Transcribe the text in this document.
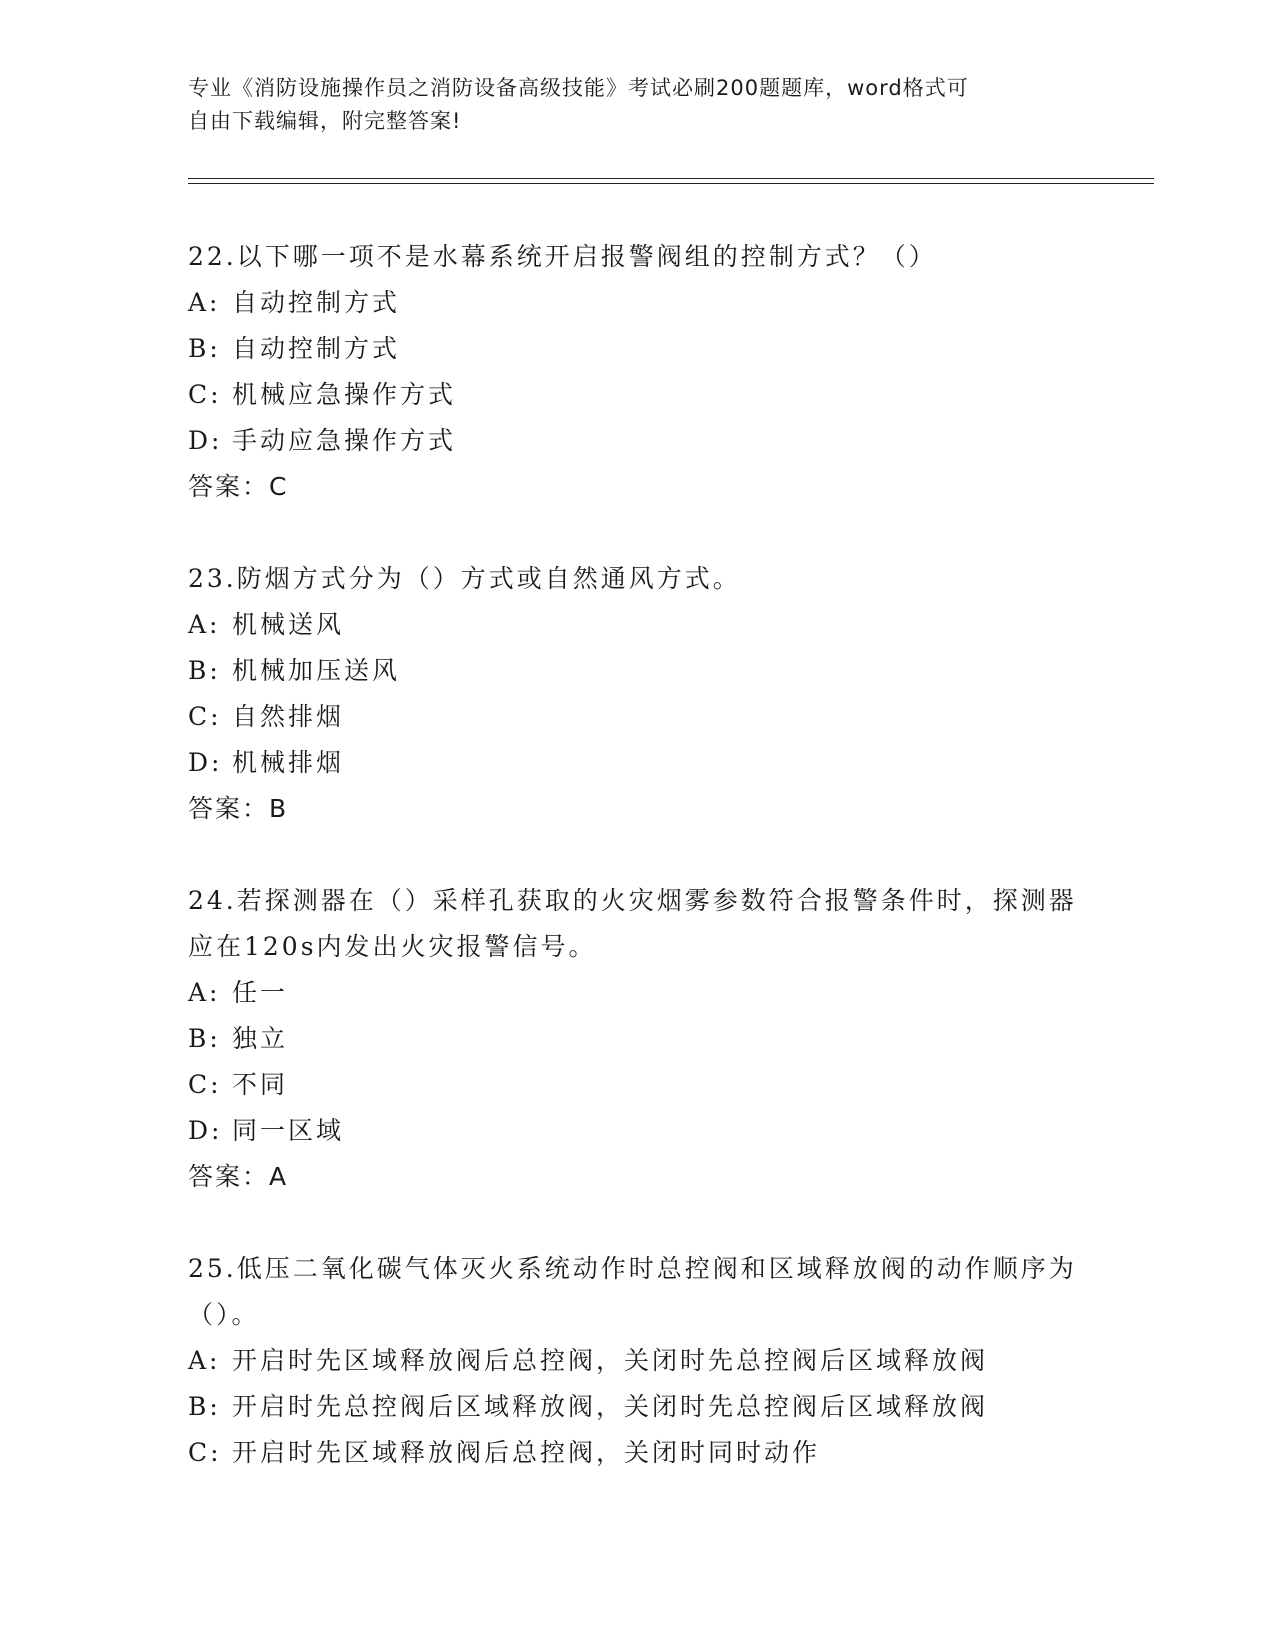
专业《消防设施操作员之消防设备高级技能》考试必刷200题题库，word格式可
自由下载编辑，附完整答案!
22.以下哪一项不是水幕系统开启报警阀组的控制方式？（）
A: 自动控制方式
B: 自动控制方式
C: 机械应急操作方式
D: 手动应急操作方式
答案：C
23.防烟方式分为（）方式或自然通风方式。
A: 机械送风
B: 机械加压送风
C: 自然排烟
D: 机械排烟
答案：B
24.若探测器在（）采样孔获取的火灾烟雾参数符合报警条件时，探测器应在120s内发出火灾报警信号。
A: 任一
B: 独立
C: 不同
D: 同一区域
答案：A
25.低压二氧化碳气体灭火系统动作时总控阀和区域释放阀的动作顺序为（）。
A: 开启时先区域释放阀后总控阀，关闭时先总控阀后区域释放阀
B: 开启时先总控阀后区域释放阀，关闭时先总控阀后区域释放阀
C: 开启时先区域释放阀后总控阀，关闭时同时动作
